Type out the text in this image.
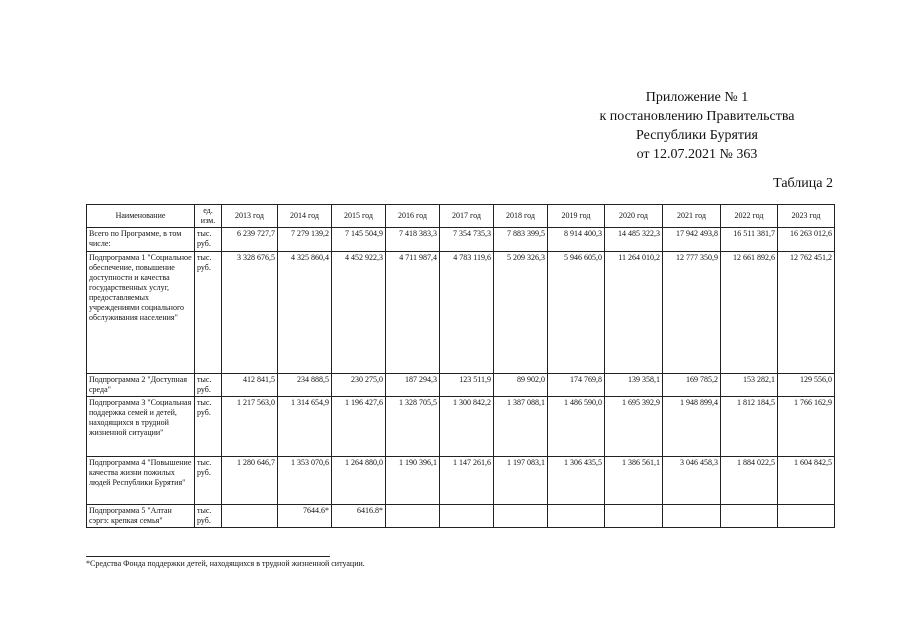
Приложение № 1
к постановлению Правительства
Республики Бурятия
от 12.07.2021 № 363
Таблица 2
Наименование	ед. изм.	2013 год	2014 год	2015 год	2016 год	2017 год	2018 год	2019 год	2020 год	2021 год	2022 год	2023 год
Всего по Программе, в том числе:	тыс. руб.	6 239 727,7	7 279 139,2	7 145 504,9	7 418 383,3	7 354 735,3	7 883 399,5	8 914 400,3	14 485 322,3	17 942 493,8	16 511 381,7	16 263 012,6
Подпрограмма 1 "Социальное обеспечение, повышение доступности и качества государственных услуг, предоставляемых учреждениями социального обслуживания населения"	тыс. руб.	3 328 676,5	4 325 860,4	4 452 922,3	4 711 987,4	4 783 119,6	5 209 326,3	5 946 605,0	11 264 010,2	12 777 350,9	12 661 892,6	12 762 451,2
Подпрограмма 2 "Доступная среда"	тыс. руб.	412 841,5	234 888,5	230 275,0	187 294,3	123 511,9	89 902,0	174 769,8	139 358,1	169 785,2	153 282,1	129 556,0
Подпрограмма 3 "Социальная поддержка семей и детей, находящихся в трудной жизненной ситуации"	тыс. руб.	1 217 563,0	1 314 654,9	1 196 427,6	1 328 705,5	1 300 842,2	1 387 088,1	1 486 590,0	1 695 392,9	1 948 899,4	1 812 184,5	1 766 162,9
Подпрограмма 4 "Повышение качества жизни пожилых людей Республики Бурятия"	тыс. руб.	1 280 646,7	1 353 070,6	1 264 880,0	1 190 396,1	1 147 261,6	1 197 083,1	1 306 435,5	1 386 561,1	3 046 458,3	1 884 022,5	1 604 842,5
Подпрограмма 5 "Алтан сэргэ: крепкая семья"	тыс. руб.		7644.6*	6416.8*								
*Средства Фонда поддержки детей, находящихся в трудной жизненной ситуации.
